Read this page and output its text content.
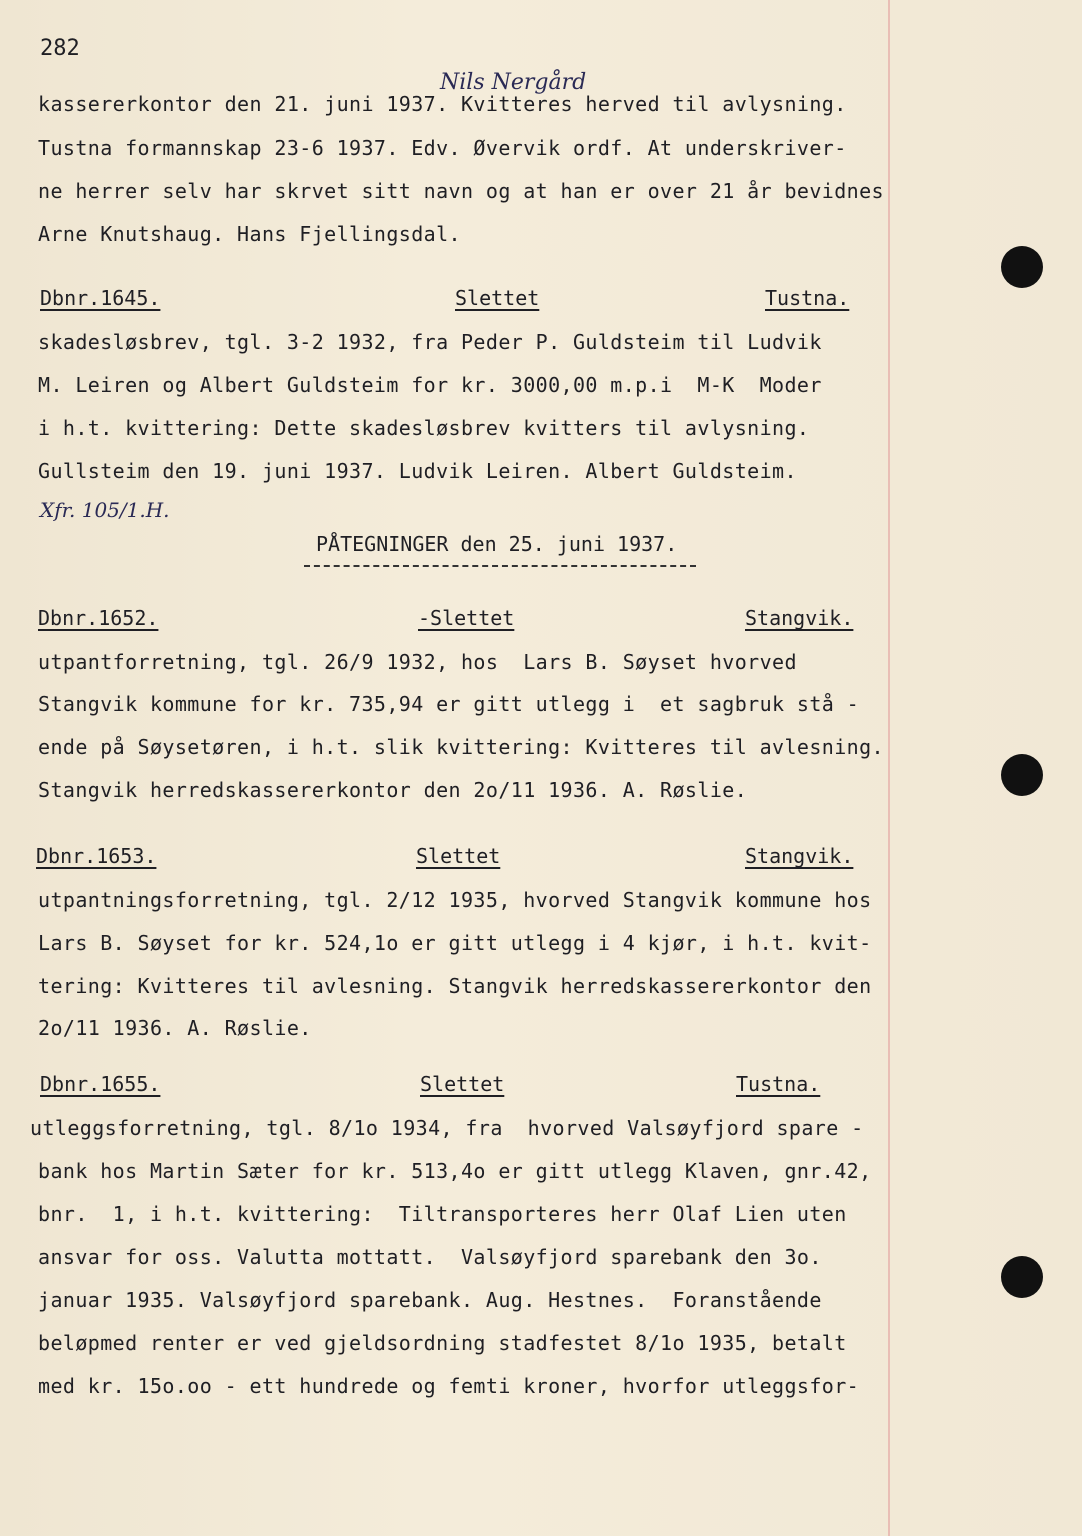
282
Nils Nergård
kassererkontor den 21. juni 1937. Kvitteres herved til avlysning.
Tustna formannskap 23-6 1937. Edv. Øvervik ordf. At underskriver-
ne herrer selv har skrvet sitt navn og at han er over 21 år bevidnes
Arne Knutshaug. Hans Fjellingsdal.
Dbnr.1645.	Slettet	Tustna.
skadesløsbrev, tgl. 3-2 1932, fra Peder P. Guldsteim til Ludvik
M. Leiren og Albert Guldsteim for kr. 3000,00 m.p.i  M-K  Moder
i h.t. kvittering: Dette skadesløsbrev kvitters til avlysning.
Gullsteim den 19. juni 1937. Ludvik Leiren. Albert Guldsteim.
Xfr. 105/1.H.
PÅTEGNINGER den 25. juni 1937.
Dbnr.1652.	-Slettet	Stangvik.
utpantforretning, tgl. 26/9 1932, hos  Lars B. Søyset hvorved
Stangvik kommune for kr. 735,94 er gitt utlegg i  et sagbruk stå -
ende på Søysetøren, i h.t. slik kvittering: Kvitteres til avlesning.
Stangvik herredskassererkontor den 2o/11 1936. A. Røslie.
Dbnr.1653.	Slettet	Stangvik.
utpantningsforretning, tgl. 2/12 1935, hvorved Stangvik kommune hos
Lars B. Søyset for kr. 524,1o er gitt utlegg i 4 kjør, i h.t. kvit-
tering: Kvitteres til avlesning. Stangvik herredskassererkontor den
2o/11 1936. A. Røslie.
Dbnr.1655.	Slettet	Tustna.
utleggsforretning, tgl. 8/1o 1934, fra  hvorved Valsøyfjord spare -
bank hos Martin Sæter for kr. 513,4o er gitt utlegg Klaven, gnr.42,
bnr.  1, i h.t. kvittering:  Tiltransporteres herr Olaf Lien uten
ansvar for oss. Valutta mottatt.  Valsøyfjord sparebank den 3o.
januar 1935. Valsøyfjord sparebank. Aug. Hestnes.  Foranstående
beløpmed renter er ved gjeldsordning stadfestet 8/1o 1935, betalt
med kr. 15o.oo - ett hundrede og femti kroner, hvorfor utleggsfor-
